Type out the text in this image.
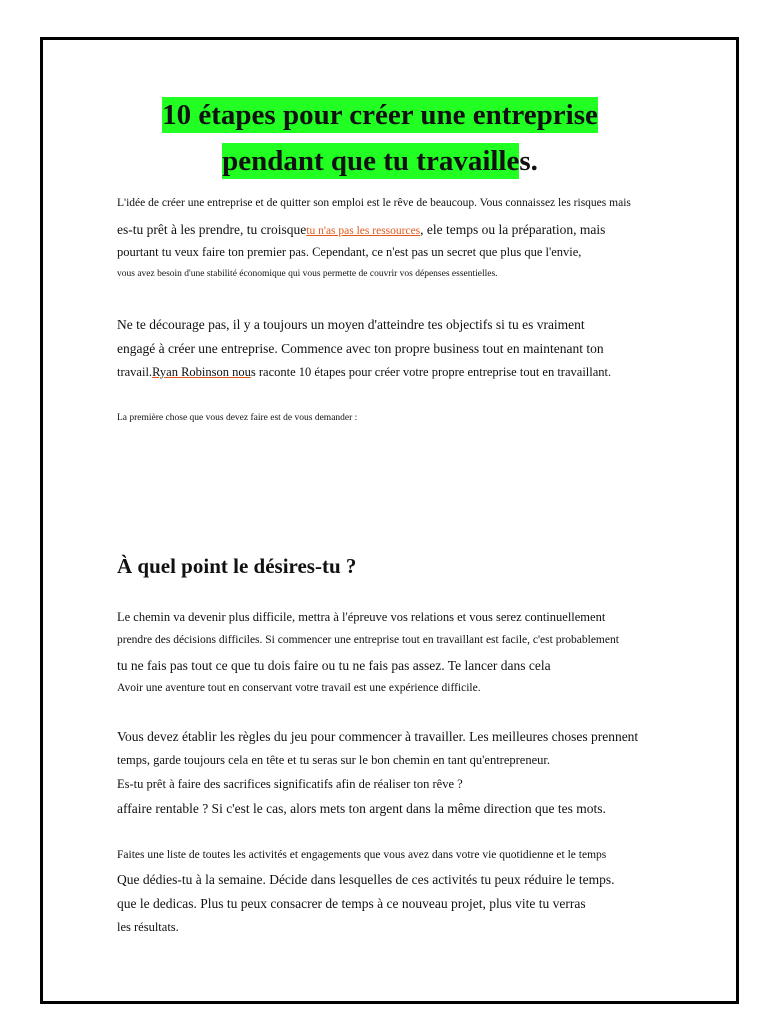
10 étapes pour créer une entreprise
pendant que tu travailles.
L'idée de créer une entreprise et de quitter son emploi est le rêve de beaucoup. Vous connaissez les risques mais
es-tu prêt à les prendre, tu croisquetu n'as pas les ressources, ele temps ou la préparation, mais
pourtant tu veux faire ton premier pas. Cependant, ce n'est pas un secret que plus que l'envie,
vous avez besoin d'une stabilité économique qui vous permette de couvrir vos dépenses essentielles.
Ne te décourage pas, il y a toujours un moyen d'atteindre tes objectifs si tu es vraiment
engagé à créer une entreprise. Commence avec ton propre business tout en maintenant ton
travail.Ryan Robinson nous raconte 10 étapes pour créer votre propre entreprise tout en travaillant.
La première chose que vous devez faire est de vous demander :
À quel point le désires-tu ?
Le chemin va devenir plus difficile, mettra à l'épreuve vos relations et vous serez continuellement
prendre des décisions difficiles. Si commencer une entreprise tout en travaillant est facile, c'est probablement
tu ne fais pas tout ce que tu dois faire ou tu ne fais pas assez. Te lancer dans cela
Avoir une aventure tout en conservant votre travail est une expérience difficile.
Vous devez établir les règles du jeu pour commencer à travailler. Les meilleures choses prennent
temps, garde toujours cela en tête et tu seras sur le bon chemin en tant qu'entrepreneur.
Es-tu prêt à faire des sacrifices significatifs afin de réaliser ton rêve ?
affaire rentable ? Si c'est le cas, alors mets ton argent dans la même direction que tes mots.
Faites une liste de toutes les activités et engagements que vous avez dans votre vie quotidienne et le temps
Que dédies-tu à la semaine. Décide dans lesquelles de ces activités tu peux réduire le temps.
que le dedicas. Plus tu peux consacrer de temps à ce nouveau projet, plus vite tu verras
les résultats.
